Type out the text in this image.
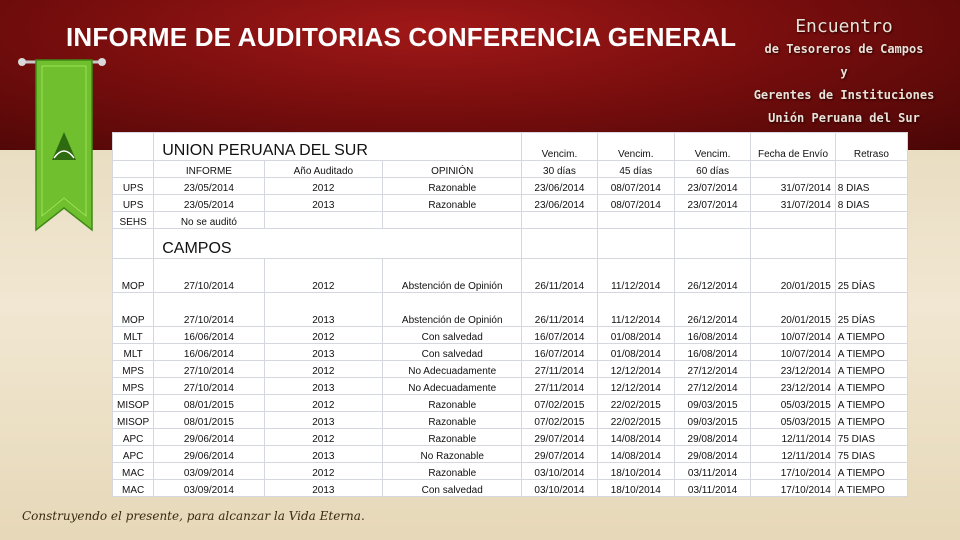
INFORME DE AUDITORIAS CONFERENCIA GENERAL	Encuentro
de Tesoreros de Campos
y
Gerentes de Instituciones
Unión Peruana del Sur
	UNION PERUANA DEL SUR			Vencim.	Vencim.	Vencim.	Fecha de Envío	Retraso
	INFORME	Año Auditado	OPINIÓN	30 días	45 días	60 días		
UPS	23/05/2014	2012	Razonable	23/06/2014	08/07/2014	23/07/2014	31/07/2014	8 DIAS
UPS	23/05/2014	2013	Razonable	23/06/2014	08/07/2014	23/07/2014	31/07/2014	8 DIAS
SEHS	No se auditó							
	CAMPOS							
MOP	27/10/2014	2012	Abstención de Opinión	26/11/2014	11/12/2014	26/12/2014	20/01/2015	25 DÍAS
MOP	27/10/2014	2013	Abstención de Opinión	26/11/2014	11/12/2014	26/12/2014	20/01/2015	25 DÍAS
MLT	16/06/2014	2012	Con salvedad	16/07/2014	01/08/2014	16/08/2014	10/07/2014	A TIEMPO
MLT	16/06/2014	2013	Con salvedad	16/07/2014	01/08/2014	16/08/2014	10/07/2014	A TIEMPO
MPS	27/10/2014	2012	No Adecuadamente	27/11/2014	12/12/2014	27/12/2014	23/12/2014	A TIEMPO
MPS	27/10/2014	2013	No Adecuadamente	27/11/2014	12/12/2014	27/12/2014	23/12/2014	A TIEMPO
MISOP	08/01/2015	2012	Razonable	07/02/2015	22/02/2015	09/03/2015	05/03/2015	A TIEMPO
MISOP	08/01/2015	2013	Razonable	07/02/2015	22/02/2015	09/03/2015	05/03/2015	A TIEMPO
APC	29/06/2014	2012	Razonable	29/07/2014	14/08/2014	29/08/2014	12/11/2014	75 DIAS
APC	29/06/2014	2013	No Razonable	29/07/2014	14/08/2014	29/08/2014	12/11/2014	75 DIAS
MAC	03/09/2014	2012	Razonable	03/10/2014	18/10/2014	03/11/2014	17/10/2014	A TIEMPO
MAC	03/09/2014	2013	Con salvedad	03/10/2014	18/10/2014	03/11/2014	17/10/2014	A TIEMPO
Construyendo el presente, para alcanzar la Vida Eterna.
